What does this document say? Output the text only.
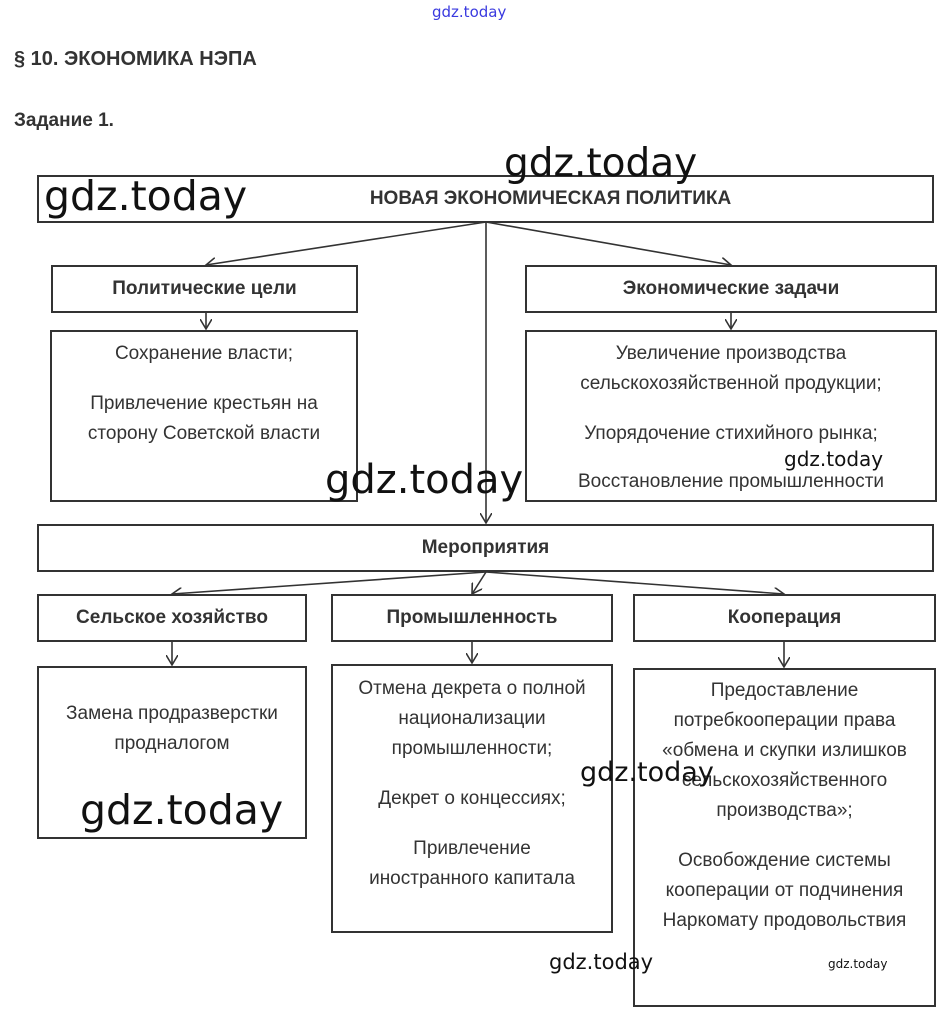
gdz.today
§ 10. ЭКОНОМИКА НЭПА
Задание 1.
НОВАЯ ЭКОНОМИЧЕСКАЯ ПОЛИТИКА
Политические цели	Экономические задачи

Сохранение власти;

Привлечение крестьян на сторону Советской власти

Увеличение производства сельскохозяйственной продукции;

Упорядочение стихийного рынка;

Восстановление промышленности

Мероприятия
Сельское хозяйство	Промышленность	Кооперация

Замена продразверстки продналогом

Отмена декрета о полной национализации промышленности;

Декрет о концессиях;

Привлечение иностранного капитала

Предоставление потребкооперации права «обмена и скупки излишков сельскохозяйственного производства»;

Освобождение системы кооперации от подчинения Наркомату продовольствия

gdz.today
gdz.today
gdz.today	gdz.today
gdz.today
gdz.today
gdz.today	gdz.today
